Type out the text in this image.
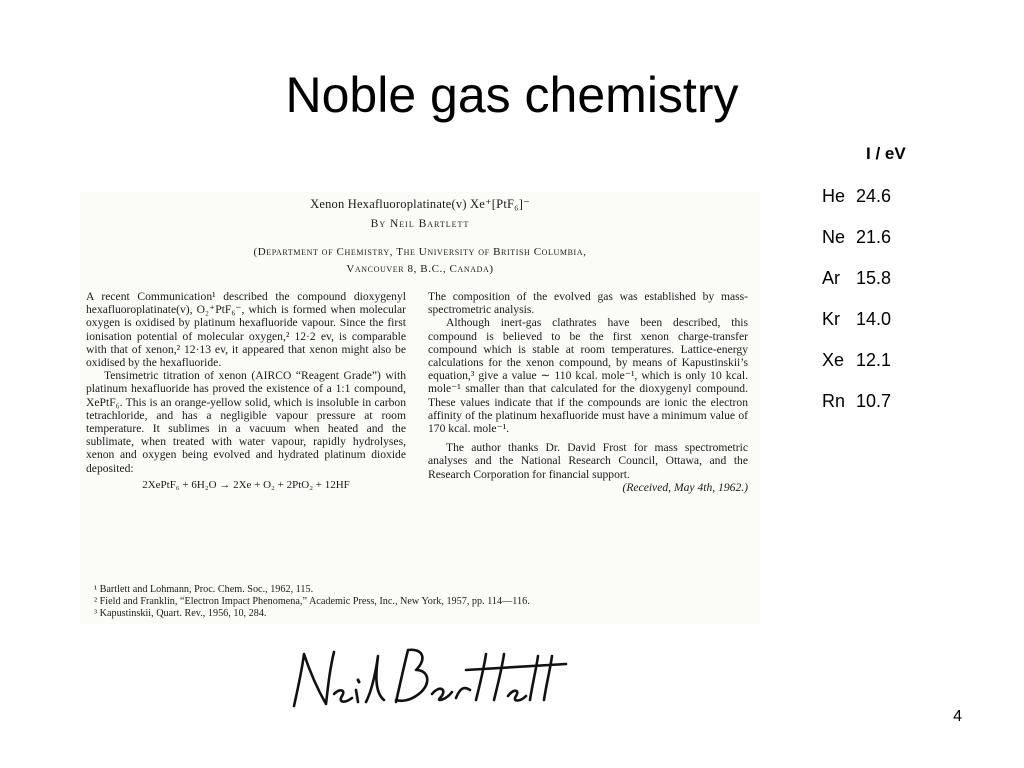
Noble gas chemistry
Xenon Hexafluoroplatinate(v) Xe⁺[PtF₆]⁻
By Neil Bartlett
(Department of Chemistry, The University of British Columbia,
Vancouver 8, B.C., Canada)

A recent Communication¹ described the compound dioxygenyl hexafluoroplatinate(v), O₂⁺PtF₆⁻, which is formed when molecular oxygen is oxidised by platinum hexafluoride vapour. Since the first ionisation potential of molecular oxygen,² 12·2 ev, is comparable with that of xenon,² 12·13 ev, it appeared that xenon might also be oxidised by the hexafluoride.

Tensimetric titration of xenon (AIRCO “Reagent Grade”) with platinum hexafluoride has proved the existence of a 1:1 compound, XePtF₆. This is an orange-yellow solid, which is insoluble in carbon tetrachloride, and has a negligible vapour pressure at room temperature. It sublimes in a vacuum when heated and the sublimate, when treated with water vapour, rapidly hydrolyses, xenon and oxygen being evolved and hydrated platinum dioxide deposited:

2XePtF₆ + 6H₂O → 2Xe + O₂ + 2PtO₂ + 12HF

The composition of the evolved gas was established by mass-spectrometric analysis.

Although inert-gas clathrates have been described, this compound is believed to be the first xenon charge-transfer compound which is stable at room temperatures. Lattice-energy calculations for the xenon compound, by means of Kapustinskii’s equation,³ give a value ∼ 110 kcal. mole⁻¹, which is only 10 kcal. mole⁻¹ smaller than that calculated for the dioxygenyl compound. These values indicate that if the compounds are ionic the electron affinity of the platinum hexafluoride must have a minimum value of 170 kcal. mole⁻¹.

The author thanks Dr. David Frost for mass spectrometric analyses and the National Research Council, Ottawa, and the Research Corporation for financial support.

(Received, May 4th, 1962.)

¹ Bartlett and Lohmann, Proc. Chem. Soc., 1962, 115.
² Field and Franklin, “Electron Impact Phenomena,” Academic Press, Inc., New York, 1957, pp. 114—116.
³ Kapustinskii, Quart. Rev., 1956, 10, 284.
I / eV
He 24.6
Ne 21.6
Ar 15.8
Kr 14.0
Xe 12.1
Rn 10.7
4
